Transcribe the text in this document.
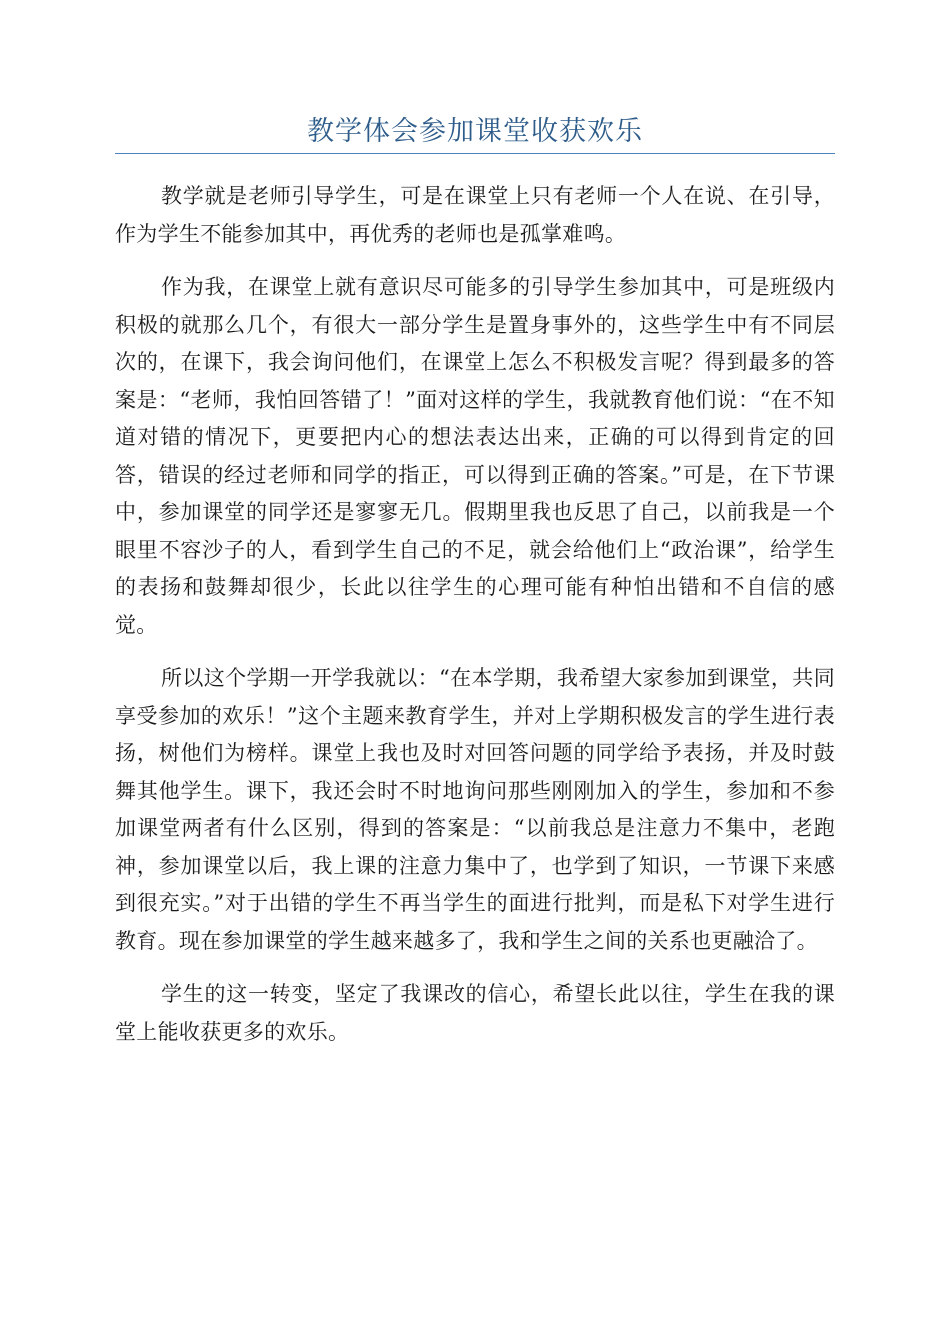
教学体会参加课堂收获欢乐

教学就是老师引导学生，可是在课堂上只有老师一个人在说、在引导，作为学生不能参加其中，再优秀的老师也是孤掌难鸣。

作为我，在课堂上就有意识尽可能多的引导学生参加其中，可是班级内积极的就那么几个，有很大一部分学生是置身事外的，这些学生中有不同层次的，在课下，我会询问他们，在课堂上怎么不积极发言呢？得到最多的答案是：“老师，我怕回答错了！”面对这样的学生，我就教育他们说：“在不知道对错的情况下，更要把内心的想法表达出来，正确的可以得到肯定的回答，错误的经过老师和同学的指正，可以得到正确的答案。”可是，在下节课中，参加课堂的同学还是寥寥无几。假期里我也反思了自己，以前我是一个眼里不容沙子的人，看到学生自己的不足，就会给他们上“政治课”，给学生的表扬和鼓舞却很少，长此以往学生的心理可能有种怕出错和不自信的感觉。

所以这个学期一开学我就以：“在本学期，我希望大家参加到课堂，共同享受参加的欢乐！”这个主题来教育学生，并对上学期积极发言的学生进行表扬，树他们为榜样。课堂上我也及时对回答问题的同学给予表扬，并及时鼓舞其他学生。课下，我还会时不时地询问那些刚刚加入的学生，参加和不参加课堂两者有什么区别，得到的答案是：“以前我总是注意力不集中，老跑神，参加课堂以后，我上课的注意力集中了，也学到了知识，一节课下来感到很充实。”对于出错的学生不再当学生的面进行批判，而是私下对学生进行教育。现在参加课堂的学生越来越多了，我和学生之间的关系也更融洽了。

学生的这一转变，坚定了我课改的信心，希望长此以往，学生在我的课堂上能收获更多的欢乐。
